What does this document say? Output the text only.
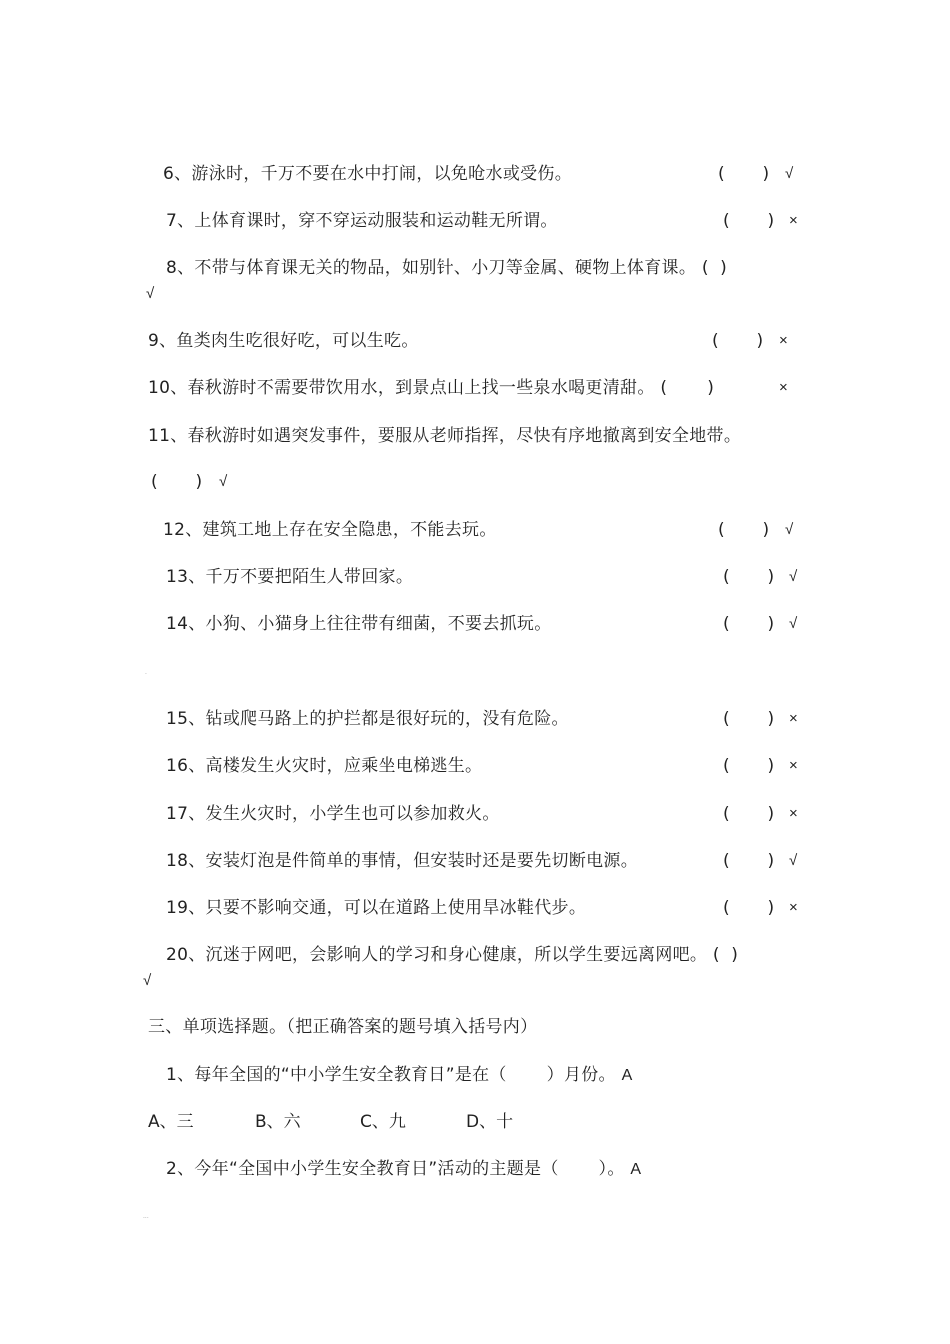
6、游泳时，千万不要在水中打闹，以免呛水或受伤。	(       ) √
7、上体育课时，穿不穿运动服装和运动鞋无所谓。	(       ) ×
8、不带与体育课无关的物品，如别针、小刀等金属、硬物上体育课。 (  )
√
9、鱼类肉生吃很好吃，可以生吃。	(       ) ×
10、春秋游时不需要带饮用水，到景点山上找一些泉水喝更清甜。 (       )	×
11、春秋游时如遇突发事件，要服从老师指挥，尽快有序地撤离到安全地带。
(       ) √
12、建筑工地上存在安全隐患，不能去玩。	(       ) √
13、千万不要把陌生人带回家。	(       ) √
14、小狗、小猫身上往往带有细菌，不要去抓玩。	(       ) √
·
15、钻或爬马路上的护拦都是很好玩的，没有危险。	(       ) ×
16、高楼发生火灾时，应乘坐电梯逃生。	(       ) ×
17、发生火灾时，小学生也可以参加救火。	(       ) ×
18、安装灯泡是件简单的事情，但安装时还是要先切断电源。	(       ) √
19、只要不影响交通，可以在道路上使用旱冰鞋代步。	(       ) ×
20、沉迷于网吧，会影响人的学习和身心健康，所以学生要远离网吧。 (  )
√
三、单项选择题。（把正确答案的题号填入括号内）
1、每年全国的“中小学生安全教育日”是在（       ）月份。 A
A、三	B、六	C、九	D、十
2、今年“全国中小学生安全教育日”活动的主题是（       ）。 A
···
